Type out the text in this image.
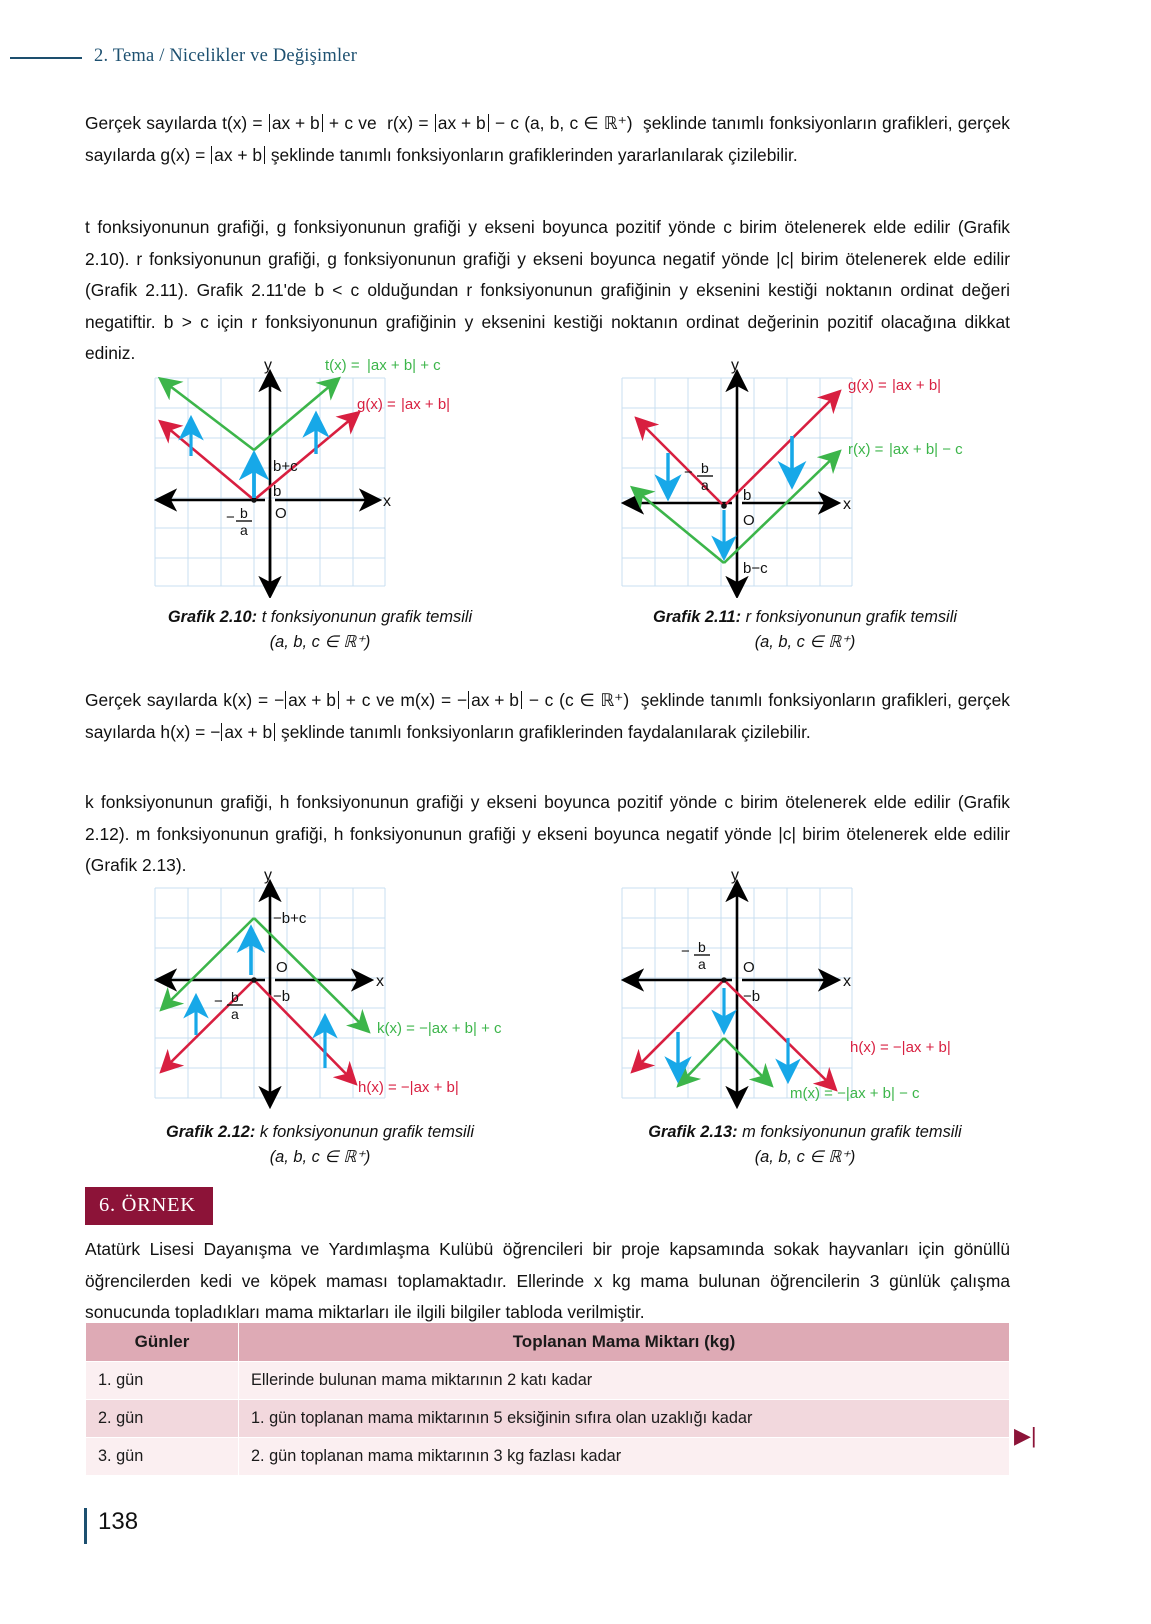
2. Tema / Nicelikler ve Değişimler
Gerçek sayılarda t(x) = ax + b + c ve  r(x) = ax + b − c (a, b, c ∈ ℝ⁺)  şeklinde tanımlı fonksiyonların grafikleri, gerçek sayılarda g(x) = ax + b şeklinde tanımlı fonksiyonların grafiklerinden yararlanılarak çizilebilir.
t fonksiyonunun grafiği, g fonksiyonunun grafiği y ekseni boyunca pozitif yönde c birim ötelenerek elde edilir (Grafik 2.10). r fonksiyonunun grafiği, g fonksiyonunun grafiği y ekseni boyunca negatif yönde |c| birim ötelenerek elde edilir (Grafik 2.11). Grafik 2.11'de b < c olduğundan r fonksiyonunun grafiğinin y eksenini kestiği noktanın ordinat değeri negatiftir. b > c için r fonksiyonunun grafiğinin y eksenini kestiği noktanın ordinat değerinin pozitif olacağına dikkat ediniz.
y
x
O
b+c
b
− b
a
t(x) = |ax + b| + c
g(x) = |ax + b|
Grafik 2.10: t fonksiyonunun grafik temsili
(a, b, c ∈ ℝ⁺)
y
x
O
b
b−c
− b
a
g(x) = |ax + b|
r(x) = |ax + b| − c
Grafik 2.11: r fonksiyonunun grafik temsili
(a, b, c ∈ ℝ⁺)
Gerçek sayılarda k(x) = − ax + b + c ve m(x) = − ax + b − c (c ∈ ℝ⁺)  şeklinde tanımlı fonksiyonların grafikleri, gerçek sayılarda h(x) = − ax + b şeklinde tanımlı fonksiyonların grafiklerinden faydalanılarak çizilebilir.
k fonksiyonunun grafiği, h fonksiyonunun grafiği y ekseni boyunca pozitif yönde c birim ötelenerek elde edilir (Grafik 2.12). m fonksiyonunun grafiği, h fonksiyonunun grafiği y ekseni boyunca negatif yönde |c| birim ötelenerek elde edilir (Grafik 2.13).
y
x
O
−b+c
−b
− b
a
k(x) = −|ax + b| + c
h(x) = −|ax + b|
Grafik 2.12: k fonksiyonunun grafik temsili
(a, b, c ∈ ℝ⁺)
y
x
O
−b
− b
a
h(x) = −|ax + b|
m(x) = −|ax + b| − c
Grafik 2.13: m fonksiyonunun grafik temsili
(a, b, c ∈ ℝ⁺)
6. ÖRNEK
Atatürk Lisesi Dayanışma ve Yardımlaşma Kulübü öğrencileri bir proje kapsamında sokak hayvanları için gönüllü öğrencilerden kedi ve köpek maması toplamaktadır. Ellerinde x kg mama bulunan öğrencilerin 3 günlük çalışma sonucunda topladıkları mama miktarları ile ilgili bilgiler tabloda verilmiştir.
Günler	Toplanan Mama Miktarı (kg)
1. gün	Ellerinde bulunan mama miktarının 2 katı kadar
2. gün	1. gün toplanan mama miktarının 5 eksiğinin sıfıra olan uzaklığı kadar
3. gün	2. gün toplanan mama miktarının 3 kg fazlası kadar
▶|
138
